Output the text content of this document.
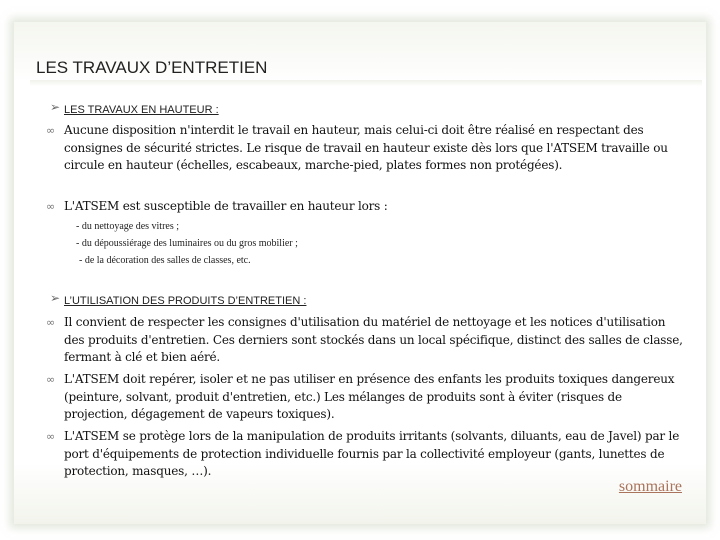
LES TRAVAUX D’ENTRETIEN
➢ LES TRAVAUX EN HAUTEUR :
∞ Aucune disposition n'interdit le travail en hauteur, mais celui-ci doit être réalisé en respectant des consignes de sécurité strictes. Le risque de travail en hauteur existe dès lors que l'ATSEM travaille ou circule en hauteur (échelles, escabeaux, marche-pied, plates formes non protégées).
∞ L'ATSEM est susceptible de travailler en hauteur lors :
- du nettoyage des vitres ;
- du dépoussiérage des luminaires ou du gros mobilier ;
- de la décoration des salles de classes, etc.
➢ L’UTILISATION DES PRODUITS D’ENTRETIEN :
∞ Il convient de respecter les consignes d'utilisation du matériel de nettoyage et les notices d'utilisation des produits d'entretien. Ces derniers sont stockés dans un local spécifique, distinct des salles de classe, fermant à clé et bien aéré.
∞ L'ATSEM doit repérer, isoler et ne pas utiliser en présence des enfants les produits toxiques dangereux (peinture, solvant, produit d'entretien, etc.) Les mélanges de produits sont à éviter (risques de projection, dégagement de vapeurs toxiques).
∞ L'ATSEM se protège lors de la manipulation de produits irritants (solvants, diluants, eau de Javel) par le port d'équipements de protection individuelle fournis par la collectivité employeur (gants, lunettes de protection, masques, …).
sommaire
